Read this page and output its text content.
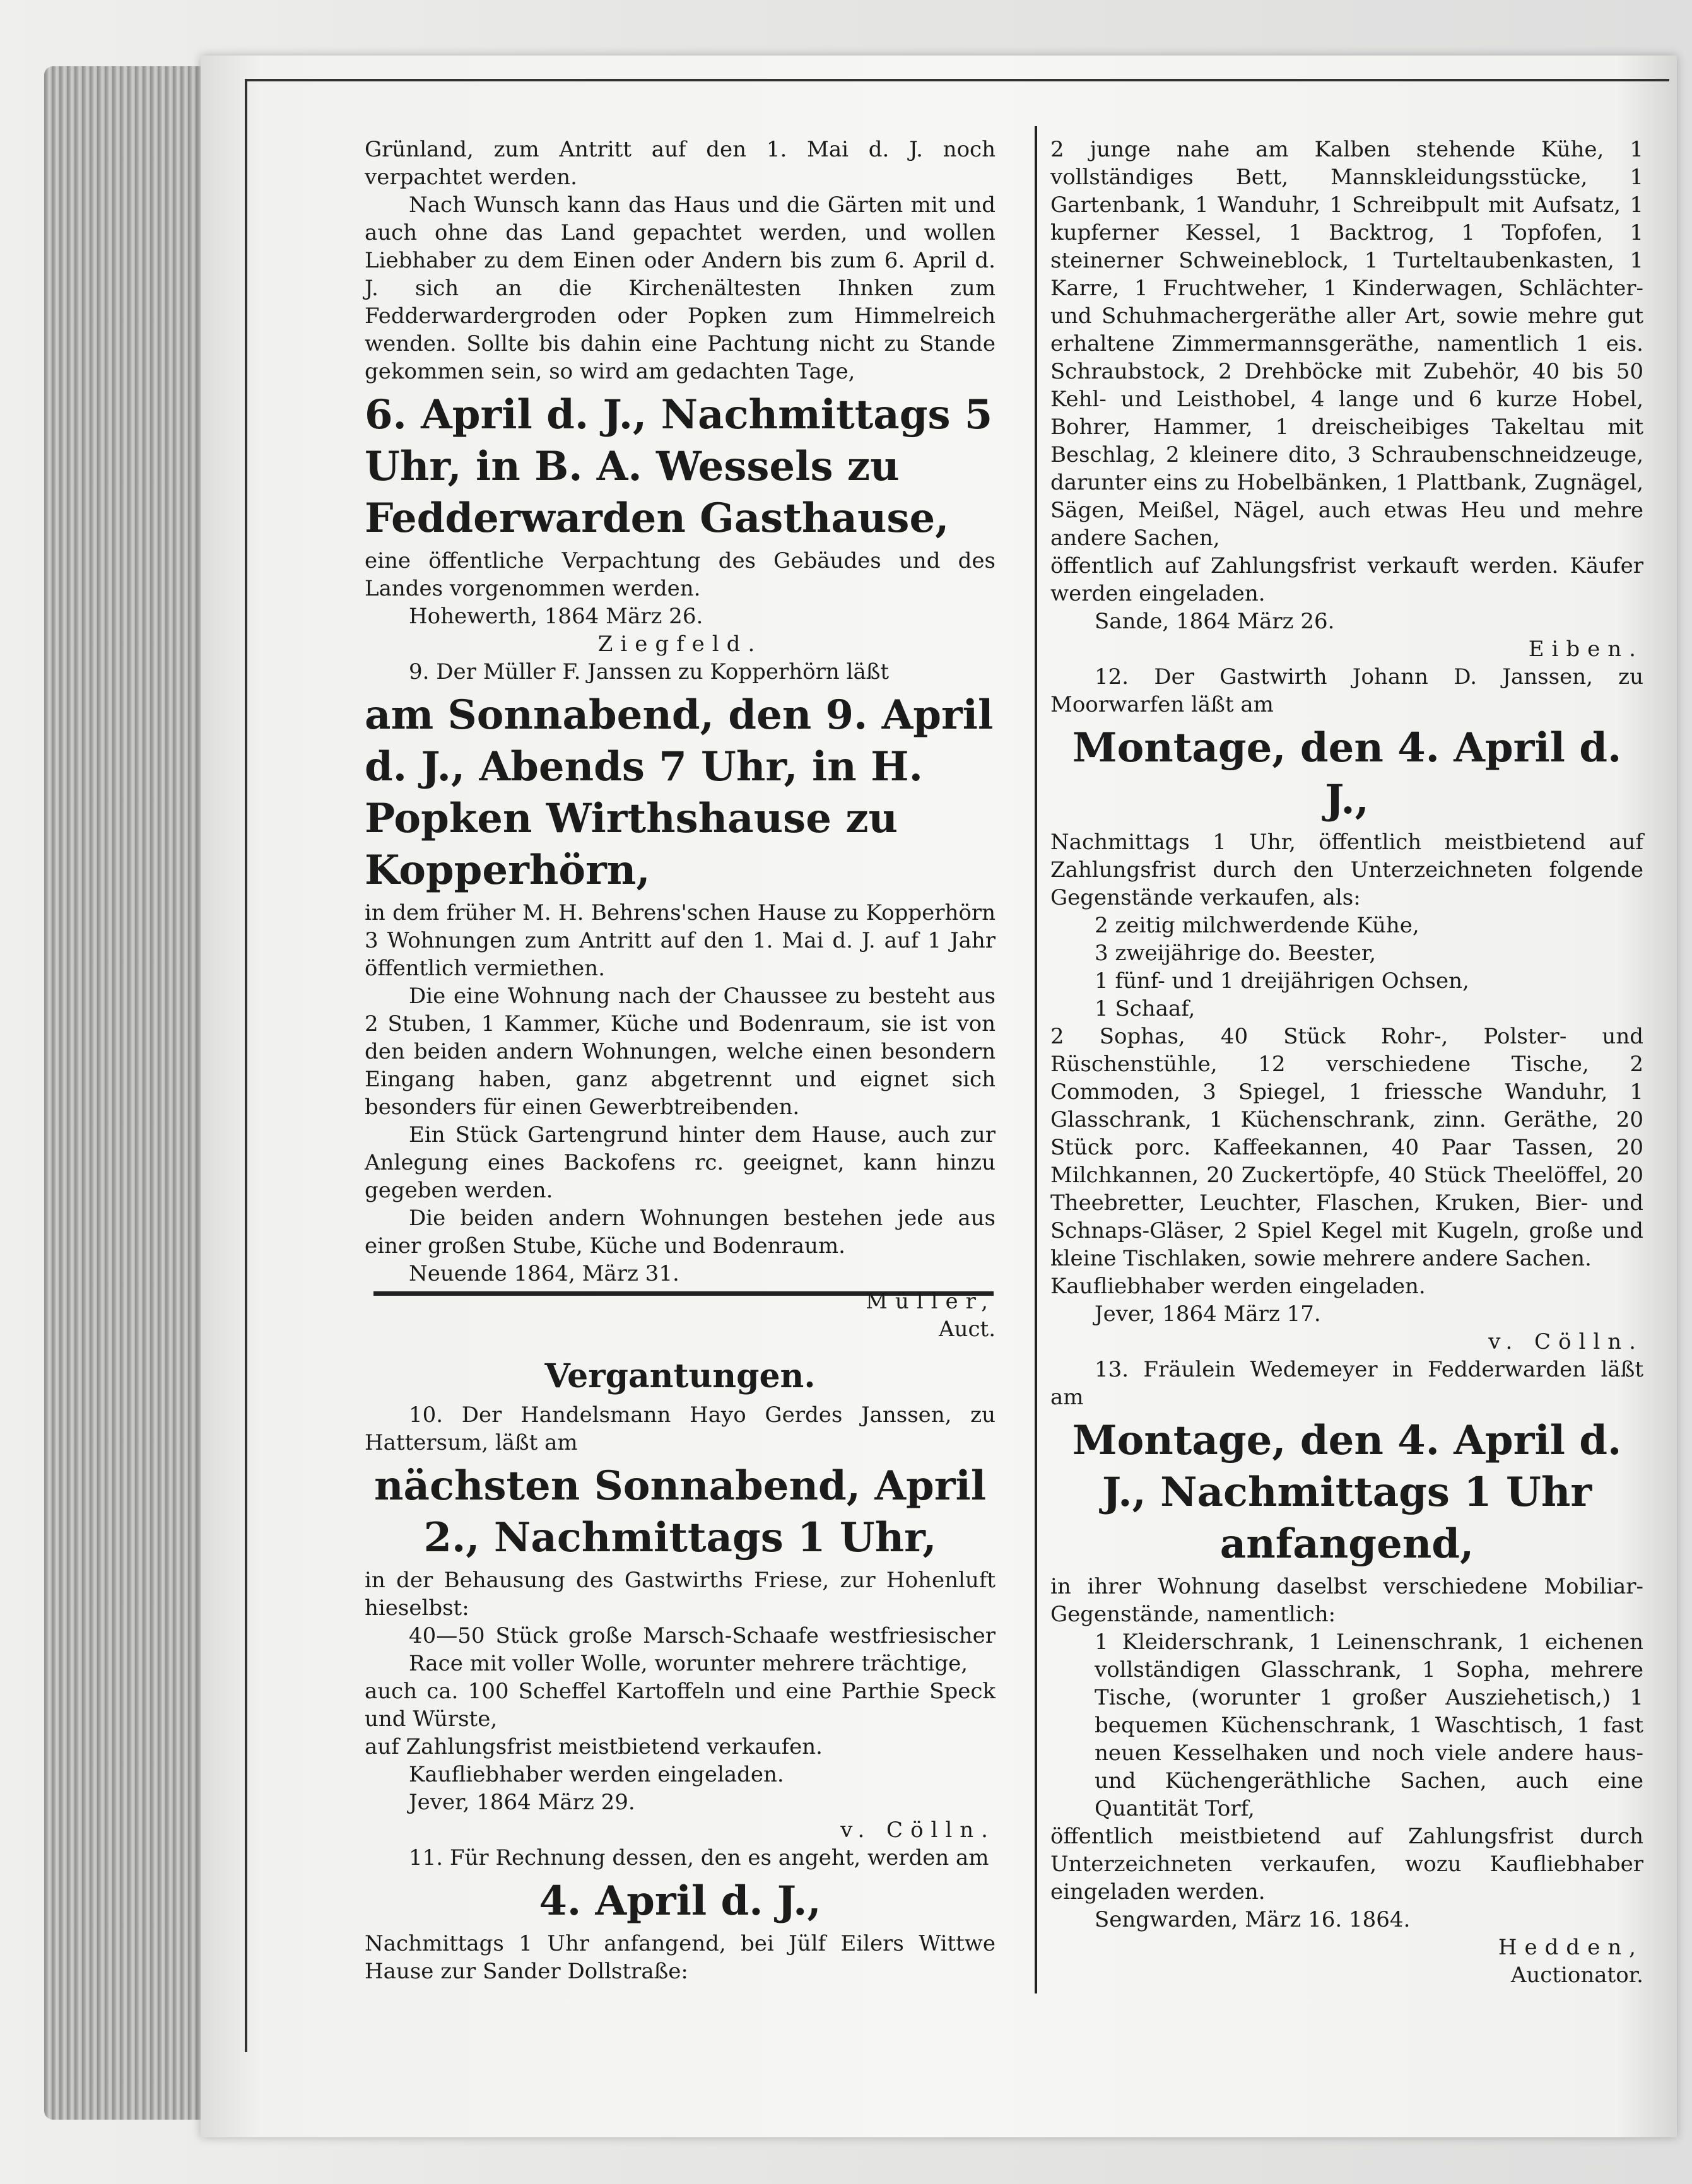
Grünland, zum Antritt auf den 1. Mai d. J. noch verpachtet werden.

Nach Wunsch kann das Haus und die Gärten mit und auch ohne das Land gepachtet werden, und wollen Liebhaber zu dem Einen oder Andern bis zum 6. April d. J. sich an die Kirchenältesten Ihnken zum Fedderwardergroden oder Popken zum Himmelreich wenden. Sollte bis dahin eine Pachtung nicht zu Stande gekommen sein, so wird am gedachten Tage,

6. April d. J., Nachmittags 5 Uhr, in B. A. Wessels zu Fedderwarden Gasthause,

eine öffentliche Verpachtung des Gebäudes und des Landes vorgenommen werden.

Hohewerth, 1864 März 26.

Ziegfeld.

9. Der Müller F. Janssen zu Kopperhörn läßt

am Sonnabend, den 9. April d. J., Abends 7 Uhr, in H. Popken Wirthshause zu Kopperhörn,

in dem früher M. H. Behrens'schen Hause zu Kopperhörn 3 Wohnungen zum Antritt auf den 1. Mai d. J. auf 1 Jahr öffentlich vermiethen.

Die eine Wohnung nach der Chaussee zu besteht aus 2 Stuben, 1 Kammer, Küche und Bodenraum, sie ist von den beiden andern Wohnungen, welche einen besondern Eingang haben, ganz abgetrennt und eignet sich besonders für einen Gewerbtreibenden.

Ein Stück Gartengrund hinter dem Hause, auch zur Anlegung eines Backofens rc. geeignet, kann hinzu gegeben werden.

Die beiden andern Wohnungen bestehen jede aus einer großen Stube, Küche und Bodenraum.

Neuende 1864, März 31.

Müller,

Auct.

Vergantungen.

10. Der Handelsmann Hayo Gerdes Janssen, zu Hattersum, läßt am

nächsten Sonnabend, April 2., Nachmittags 1 Uhr,

in der Behausung des Gastwirths Friese, zur Hohenluft hieselbst:

40—50 Stück große Marsch-Schaafe westfriesischer Race mit voller Wolle, worunter mehrere trächtige,

auch ca. 100 Scheffel Kartoffeln und eine Parthie Speck und Würste,

auf Zahlungsfrist meistbietend verkaufen.

Kaufliebhaber werden eingeladen.

Jever, 1864 März 29.

v. Cölln.

11. Für Rechnung dessen, den es angeht, werden am

4. April d. J.,

Nachmittags 1 Uhr anfangend, bei Jülf Eilers Wittwe Hause zur Sander Dollstraße:

2 junge nahe am Kalben stehende Kühe, 1 vollständiges Bett, Mannskleidungsstücke, 1 Gartenbank, 1 Wanduhr, 1 Schreibpult mit Aufsatz, 1 kupferner Kessel, 1 Backtrog, 1 Topfofen, 1 steinerner Schweineblock, 1 Turteltaubenkasten, 1 Karre, 1 Fruchtweher, 1 Kinderwagen, Schlächter- und Schuhmachergeräthe aller Art, sowie mehre gut erhaltene Zimmermannsgeräthe, namentlich 1 eis. Schraubstock, 2 Drehböcke mit Zubehör, 40 bis 50 Kehl- und Leisthobel, 4 lange und 6 kurze Hobel, Bohrer, Hammer, 1 dreischeibiges Takeltau mit Beschlag, 2 kleinere dito, 3 Schraubenschneidzeuge, darunter eins zu Hobelbänken, 1 Plattbank, Zugnägel, Sägen, Meißel, Nägel, auch etwas Heu und mehre andere Sachen,

öffentlich auf Zahlungsfrist verkauft werden. Käufer werden eingeladen.

Sande, 1864 März 26.

Eiben.

12. Der Gastwirth Johann D. Janssen, zu Moorwarfen läßt am

Montage, den 4. April d. J.,

Nachmittags 1 Uhr, öffentlich meistbietend auf Zahlungsfrist durch den Unterzeichneten folgende Gegenstände verkaufen, als:

2 zeitig milchwerdende Kühe,
3 zweijährige do. Beester,
1 fünf- und 1 dreijährigen Ochsen,
1 Schaaf,

2 Sophas, 40 Stück Rohr-, Polster- und Rüschenstühle, 12 verschiedene Tische, 2 Commoden, 3 Spiegel, 1 friessche Wanduhr, 1 Glasschrank, 1 Küchenschrank, zinn. Geräthe, 20 Stück porc. Kaffeekannen, 40 Paar Tassen, 20 Milchkannen, 20 Zuckertöpfe, 40 Stück Theelöffel, 20 Theebretter, Leuchter, Flaschen, Kruken, Bier- und Schnaps-Gläser, 2 Spiel Kegel mit Kugeln, große und kleine Tischlaken, sowie mehrere andere Sachen.

Kaufliebhaber werden eingeladen.

Jever, 1864 März 17.

v. Cölln.

13. Fräulein Wedemeyer in Fedderwarden läßt am

Montage, den 4. April d. J., Nachmittags 1 Uhr anfangend,

in ihrer Wohnung daselbst verschiedene Mobiliar-Gegenstände, namentlich:

1 Kleiderschrank, 1 Leinenschrank, 1 eichenen vollständigen Glasschrank, 1 Sopha, mehrere Tische, (worunter 1 großer Ausziehetisch,) 1 bequemen Küchenschrank, 1 Waschtisch, 1 fast neuen Kesselhaken und noch viele andere haus- und Küchengeräthliche Sachen, auch eine Quantität Torf,

öffentlich meistbietend auf Zahlungsfrist durch Unterzeichneten verkaufen, wozu Kaufliebhaber eingeladen werden.

Sengwarden, März 16. 1864.

Hedden,

Auctionator.
